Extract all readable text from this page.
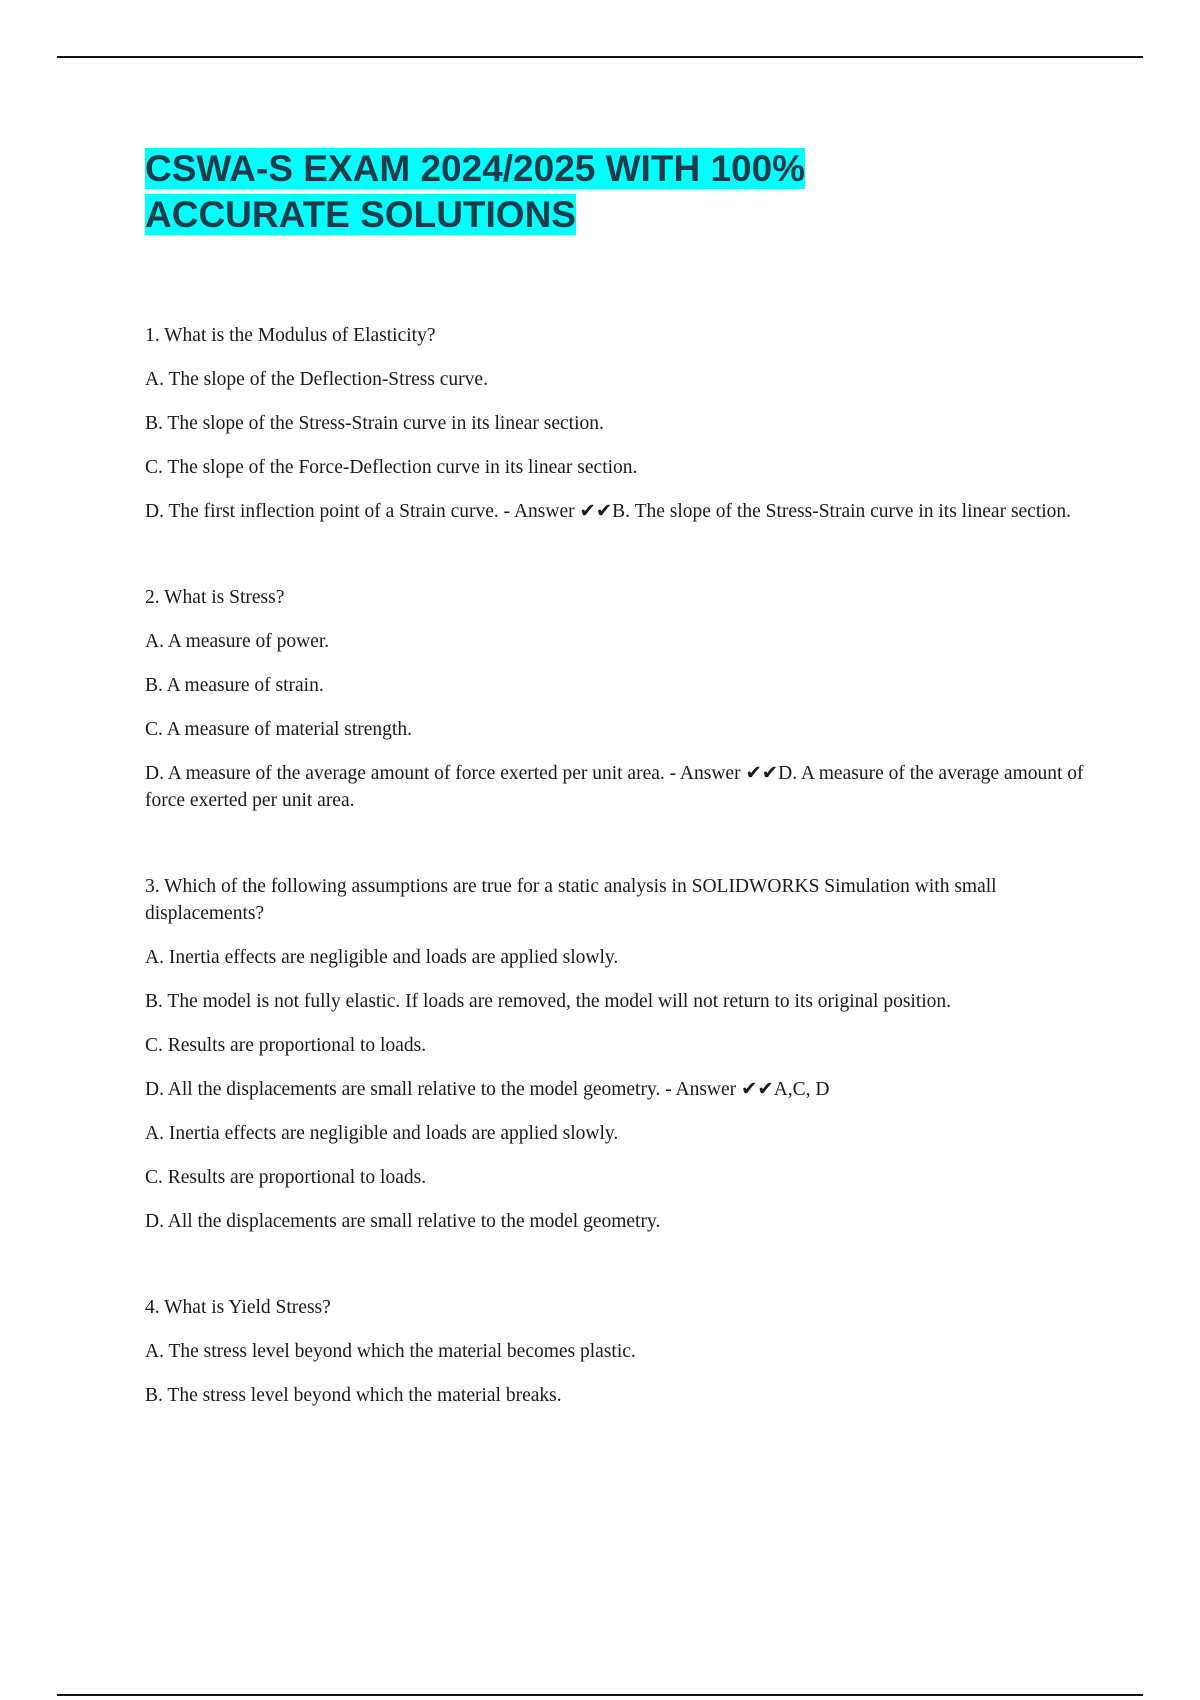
CSWA-S EXAM 2024/2025 WITH 100%
ACCURATE SOLUTIONS

1. What is the Modulus of Elasticity?

A. The slope of the Deflection-Stress curve.

B. The slope of the Stress-Strain curve in its linear section.

C. The slope of the Force-Deflection curve in its linear section.

D. The first inflection point of a Strain curve. - Answer ✔✔B. The slope of the Stress-Strain curve in its linear section.

2. What is Stress?

A. A measure of power.

B. A measure of strain.

C. A measure of material strength.

D. A measure of the average amount of force exerted per unit area. - Answer ✔✔D. A measure of the average amount of force exerted per unit area.

3. Which of the following assumptions are true for a static analysis in SOLIDWORKS Simulation with small displacements?

A. Inertia effects are negligible and loads are applied slowly.

B. The model is not fully elastic. If loads are removed, the model will not return to its original position.

C. Results are proportional to loads.

D. All the displacements are small relative to the model geometry. - Answer ✔✔A,C, D

A. Inertia effects are negligible and loads are applied slowly.

C. Results are proportional to loads.

D. All the displacements are small relative to the model geometry.

4. What is Yield Stress?

A. The stress level beyond which the material becomes plastic.

B. The stress level beyond which the material breaks.
